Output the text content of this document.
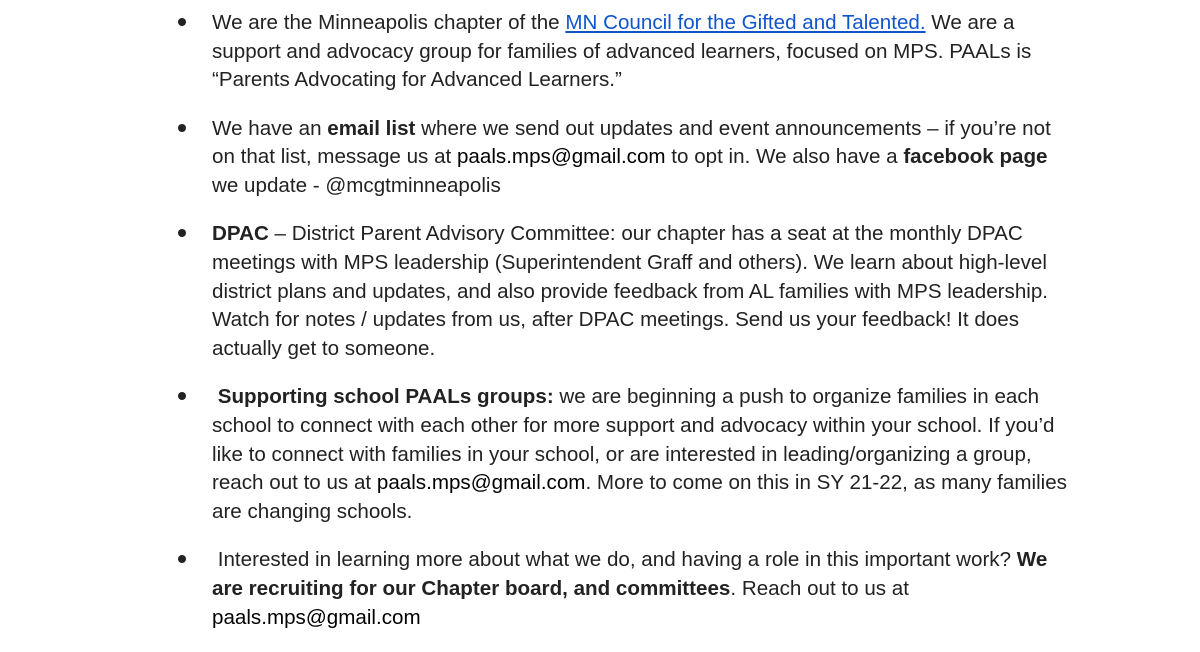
We are the Minneapolis chapter of the MN Council for the Gifted and Talented. We are a support and advocacy group for families of advanced learners, focused on MPS. PAALs is “Parents Advocating for Advanced Learners.”
We have an email list where we send out updates and event announcements – if you’re not on that list, message us at paals.mps@gmail.com to opt in. We also have a facebook page we update - @mcgtminneapolis
DPAC – District Parent Advisory Committee: our chapter has a seat at the monthly DPAC meetings with MPS leadership (Superintendent Graff and others). We learn about high-level district plans and updates, and also provide feedback from AL families with MPS leadership. Watch for notes / updates from us, after DPAC meetings. Send us your feedback! It does actually get to someone.
Supporting school PAALs groups: we are beginning a push to organize families in each school to connect with each other for more support and advocacy within your school. If you’d like to connect with families in your school, or are interested in leading/organizing a group, reach out to us at paals.mps@gmail.com. More to come on this in SY 21-22, as many families are changing schools.
Interested in learning more about what we do, and having a role in this important work? We are recruiting for our Chapter board, and committees. Reach out to us at paals.mps@gmail.com
